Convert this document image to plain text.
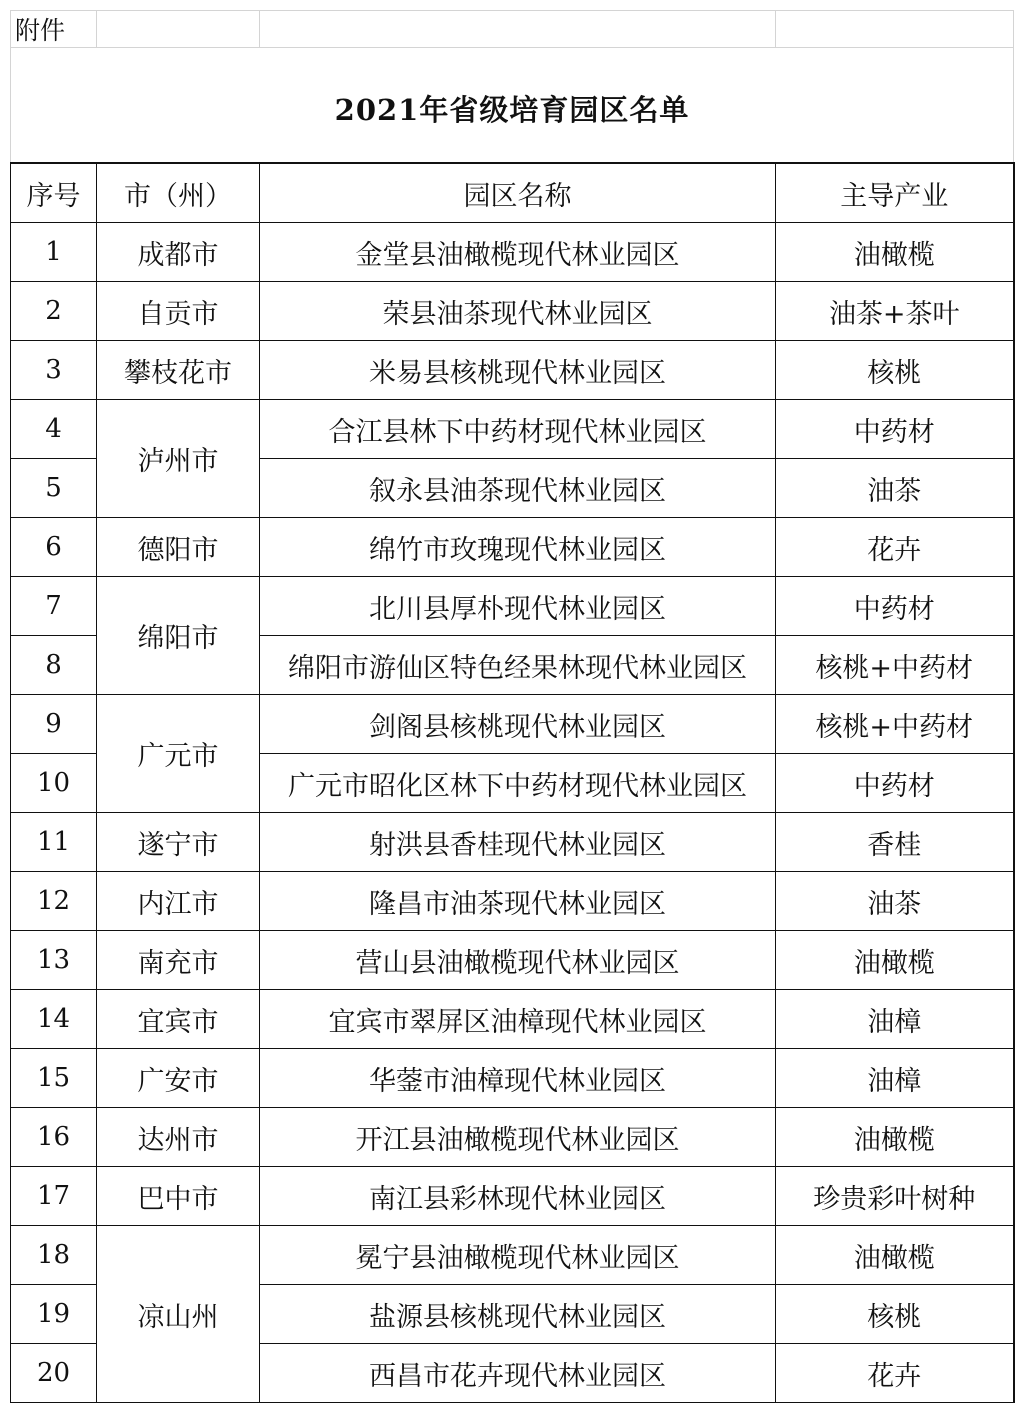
附件			
2021年省级培育园区名单			
序号	市（州）	园区名称	主导产业
1	成都市	金堂县油橄榄现代林业园区	油橄榄
2	自贡市	荣县油茶现代林业园区	油茶+茶叶
3	攀枝花市	米易县核桃现代林业园区	核桃
4	泸州市	合江县林下中药材现代林业园区	中药材
5		叙永县油茶现代林业园区	油茶
6	德阳市	绵竹市玫瑰现代林业园区	花卉
7	绵阳市	北川县厚朴现代林业园区	中药材
8		绵阳市游仙区特色经果林现代林业园区	核桃+中药材
9	广元市	剑阁县核桃现代林业园区	核桃+中药材
10		广元市昭化区林下中药材现代林业园区	中药材
11	遂宁市	射洪县香桂现代林业园区	香桂
12	内江市	隆昌市油茶现代林业园区	油茶
13	南充市	营山县油橄榄现代林业园区	油橄榄
14	宜宾市	宜宾市翠屏区油樟现代林业园区	油樟
15	广安市	华蓥市油樟现代林业园区	油樟
16	达州市	开江县油橄榄现代林业园区	油橄榄
17	巴中市	南江县彩林现代林业园区	珍贵彩叶树种
18	凉山州	冕宁县油橄榄现代林业园区	油橄榄
19		盐源县核桃现代林业园区	核桃
20		西昌市花卉现代林业园区	花卉
